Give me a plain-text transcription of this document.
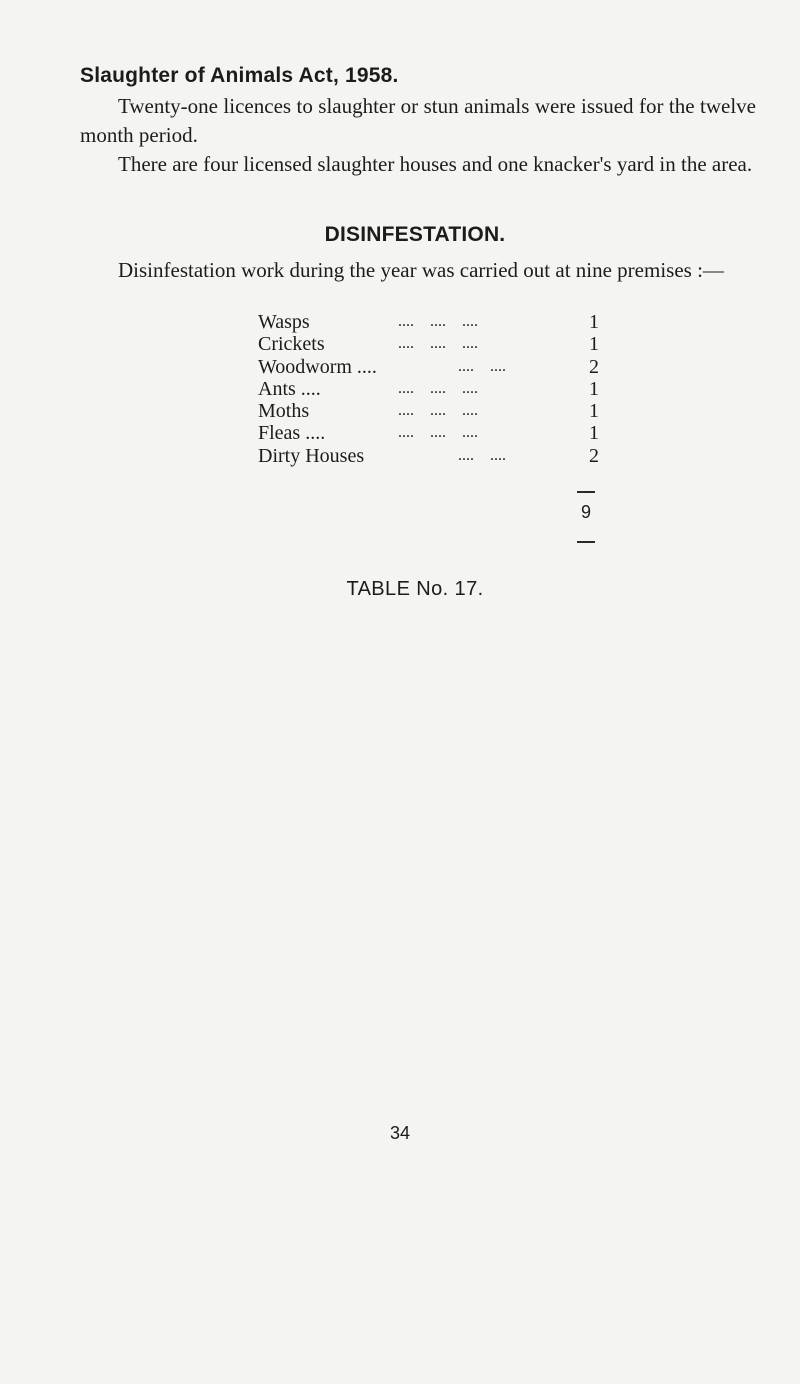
Slaughter of Animals Act, 1958.
Twenty-one licences to slaughter or stun animals were issued for the twelve month period.
There are four licensed slaughter houses and one knacker's yard in the area.
DISINFESTATION.
Disinfestation work during the year was carried out at nine premises :—
Wasps	....    ....    ....	1
Crickets	....    ....    ....	1
Woodworm ....	....    ....	2
Ants ....	....    ....    ....	1
Moths	....    ....    ....	1
Fleas ....	....    ....    ....	1
Dirty Houses	....    ....	2
9
TABLE No. 17.
34
